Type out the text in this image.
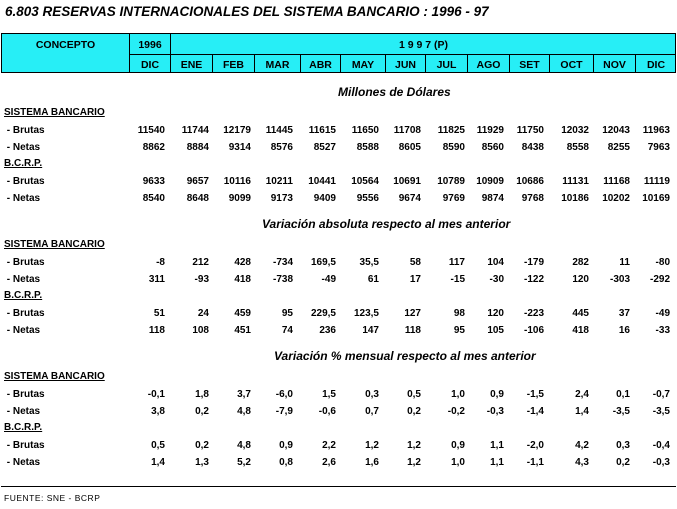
6.803 RESERVAS INTERNACIONALES DEL SISTEMA BANCARIO : 1996 - 97
CONCEPTO	1996	1 9 9 7 (P)
DIC	ENE	FEB	MAR	ABR	MAY	JUN	JUL	AGO	SET	OCT	NOV	DIC
Millones de Dólares
SISTEMA BANCARIO
- Brutas	11540	11744	12179	11445	11615	11650	11708	11825	11929	11750	12032	12043	11963
- Netas	8862	8884	9314	8576	8527	8588	8605	8590	8560	8438	8558	8255	7963
B.C.R.P.
- Brutas	9633	9657	10116	10211	10441	10564	10691	10789	10909	10686	11131	11168	11119
- Netas	8540	8648	9099	9173	9409	9556	9674	9769	9874	9768	10186	10202	10169
Variación absoluta respecto al mes anterior
SISTEMA BANCARIO
- Brutas	-8	212	428	-734	169,5	35,5	58	117	104	-179	282	11	-80
- Netas	311	-93	418	-738	-49	61	17	-15	-30	-122	120	-303	-292
B.C.R.P.
- Brutas	51	24	459	95	229,5	123,5	127	98	120	-223	445	37	-49
- Netas	118	108	451	74	236	147	118	95	105	-106	418	16	-33
Variación % mensual respecto al mes anterior
SISTEMA BANCARIO
- Brutas	-0,1	1,8	3,7	-6,0	1,5	0,3	0,5	1,0	0,9	-1,5	2,4	0,1	-0,7
- Netas	3,8	0,2	4,8	-7,9	-0,6	0,7	0,2	-0,2	-0,3	-1,4	1,4	-3,5	-3,5
B.C.R.P.
- Brutas	0,5	0,2	4,8	0,9	2,2	1,2	1,2	0,9	1,1	-2,0	4,2	0,3	-0,4
- Netas	1,4	1,3	5,2	0,8	2,6	1,6	1,2	1,0	1,1	-1,1	4,3	0,2	-0,3
FUENTE: SNE - BCRP
